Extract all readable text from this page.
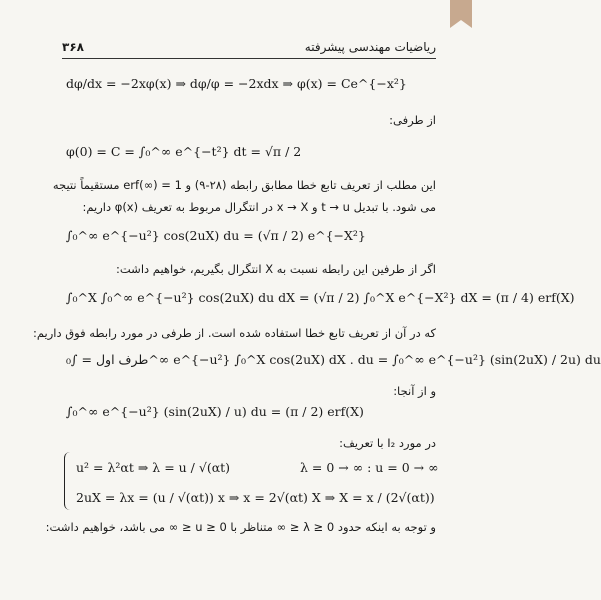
۳۶۸	ریاضیات مهندسی پیشرفته
dφ/dx = −2xφ(x) ⇒ dφ/φ = −2xdx ⇒ φ(x) = Ce^{−x²}
از طرفی:
φ(0) = C = ∫₀^∞ e^{−t²} dt = √π / 2
این مطلب از تعریف تابع خطا مطابق رابطه (۲۸-۹) و erf(∞) = 1 مستقیماً نتیجه
می شود. با تبدیل t → u و x → X در انتگرال مربوط به تعریف φ(x) داریم:
∫₀^∞ e^{−u²} cos(2uX) du = (√π / 2) e^{−X²}
اگر از طرفین این رابطه نسبت به X انتگرال بگیریم، خواهیم داشت:
∫₀^X ∫₀^∞ e^{−u²} cos(2uX) du dX = (√π / 2) ∫₀^X e^{−X²} dX = (π / 4) erf(X)
که در آن از تعریف تابع خطا استفاده شده است. از طرفی در مورد رابطه فوق داریم:
طرف اول = ∫₀^∞ e^{−u²} ∫₀^X cos(2uX) dX . du = ∫₀^∞ e^{−u²} (sin(2uX) / 2u) du
و از آنجا:
∫₀^∞ e^{−u²} (sin(2uX) / u) du = (π / 2) erf(X)
در مورد I₂ با تعریف:
u² = λ²αt ⇒ λ = u / √(αt)	λ = 0 → ∞ : u = 0 → ∞
2uX = λx = (u / √(αt)) x ⇒ x = 2√(αt) X ⇒ X = x / (2√(αt))
و توجه به اینکه حدود 0 ≤ λ ≤ ∞ متناظر با 0 ≤ u ≤ ∞ می باشد، خواهیم داشت:
